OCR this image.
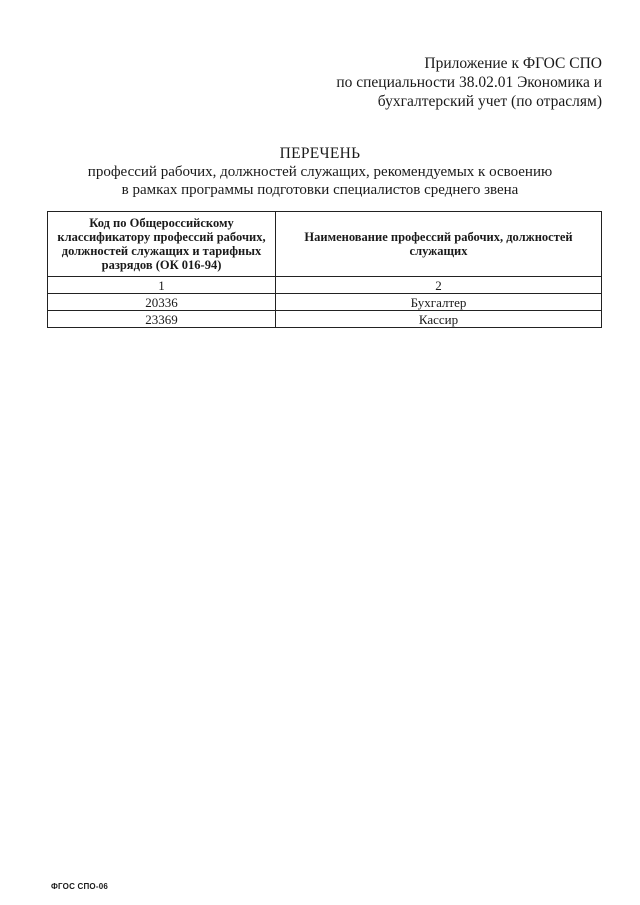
Приложение к ФГОС СПО
по специальности 38.02.01 Экономика и
бухгалтерский учет (по отраслям)
ПЕРЕЧЕНЬ
профессий рабочих, должностей служащих, рекомендуемых к освоению
в рамках программы подготовки специалистов среднего звена
Код по Общероссийскому классификатору профессий рабочих, должностей служащих и тарифных разрядов (ОК 016-94)	Наименование профессий рабочих, должностей служащих
1	2
20336	Бухгалтер
23369	Кассир
ФГОС СПО-06
